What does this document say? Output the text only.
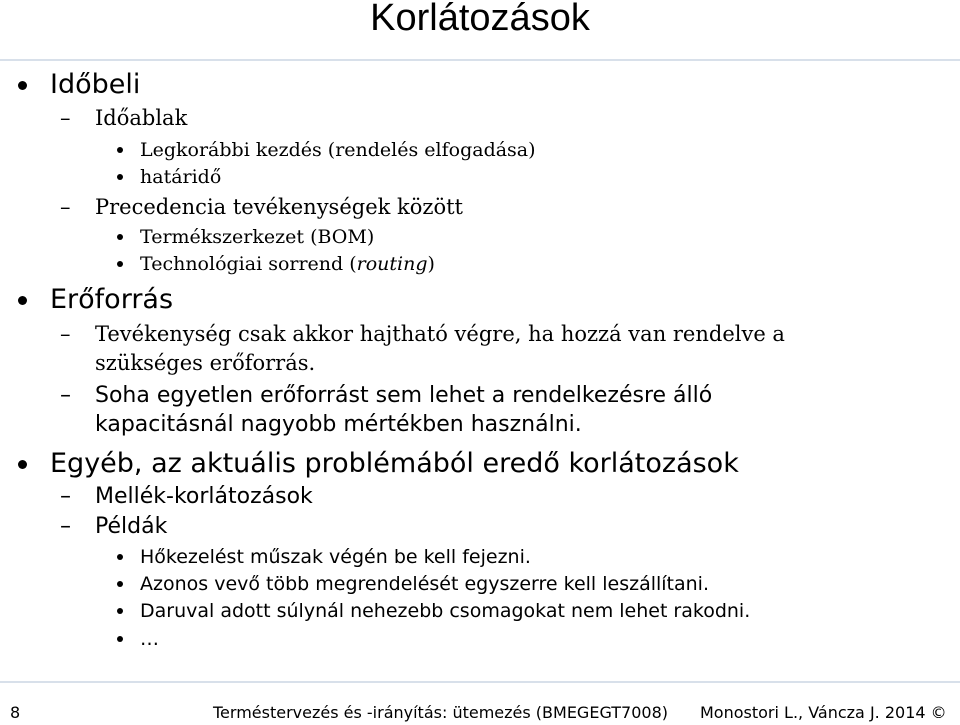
Korlátozások
Időbeli
– Időablak
Legkorábbi kezdés (rendelés elfogadása)
határidő
– Precedencia tevékenységek között
Termékszerkezet (BOM)
Technológiai sorrend (routing)
Erőforrás
– Tevékenység csak akkor hajtható végre, ha hozzá van rendelve a
szükséges erőforrás.
– Soha egyetlen erőforrást sem lehet a rendelkezésre álló
kapacitásnál nagyobb mértékben használni.
Egyéb, az aktuális problémából eredő korlátozások
– Mellék-korlátozások
– Példák
Hőkezelést műszak végén be kell fejezni.
Azonos vevő több megrendelését egyszerre kell leszállítani.
Daruval adott súlynál nehezebb csomagokat nem lehet rakodni.
…
8	Terméstervezés és -irányítás: ütemezés (BMEGEGT7008) Monostori L., Váncza J. 2014 ©
